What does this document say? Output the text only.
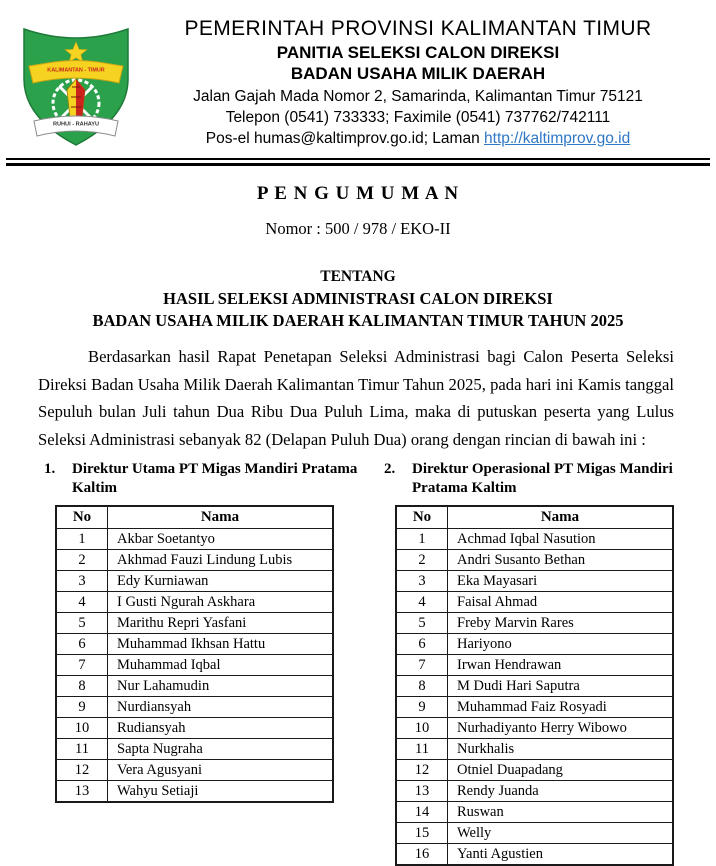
KALIMANTAN - TIMUR
RUHUI - RAHAYU
PEMERINTAH PROVINSI KALIMANTAN TIMUR
PANITIA SELEKSI CALON DIREKSI
BADAN USAHA MILIK DAERAH
Jalan Gajah Mada Nomor 2, Samarinda, Kalimantan Timur 75121
Telepon (0541) 733333; Faximile (0541) 737762/742111
Pos-el humas@kaltimprov.go.id; Laman http://kaltimprov.go.id
P E N G U M U M A N
Nomor : 500 / 978 / EKO-II
TENTANG
HASIL SELEKSI ADMINISTRASI CALON DIREKSI
BADAN USAHA MILIK DAERAH KALIMANTAN TIMUR TAHUN 2025

Berdasarkan hasil Rapat Penetapan Seleksi Administrasi bagi Calon Peserta Seleksi Direksi Badan Usaha Milik Daerah Kalimantan Timur Tahun 2025, pada hari ini Kamis tanggal Sepuluh bulan Juli tahun Dua Ribu Dua Puluh Lima, maka di putuskan peserta yang Lulus Seleksi Administrasi sebanyak 82 (Delapan Puluh Dua) orang dengan rincian di bawah ini :

1.	Direktur Utama PT Migas Mandiri Pratama Kaltim
No	Nama
1	Akbar Soetantyo
2	Akhmad Fauzi Lindung Lubis
3	Edy Kurniawan
4	I Gusti Ngurah Askhara
5	Marithu Repri Yasfani
6	Muhammad Ikhsan Hattu
7	Muhammad Iqbal
8	Nur Lahamudin
9	Nurdiansyah
10	Rudiansyah
11	Sapta Nugraha
12	Vera Agusyani
13	Wahyu Setiaji
2.	Direktur Operasional PT Migas Mandiri Pratama Kaltim
No	Nama
1	Achmad Iqbal Nasution
2	Andri Susanto Bethan
3	Eka Mayasari
4	Faisal Ahmad
5	Freby Marvin Rares
6	Hariyono
7	Irwan Hendrawan
8	M Dudi Hari Saputra
9	Muhammad Faiz Rosyadi
10	Nurhadiyanto Herry Wibowo
11	Nurkhalis
12	Otniel Duapadang
13	Rendy Juanda
14	Ruswan
15	Welly
16	Yanti Agustien
